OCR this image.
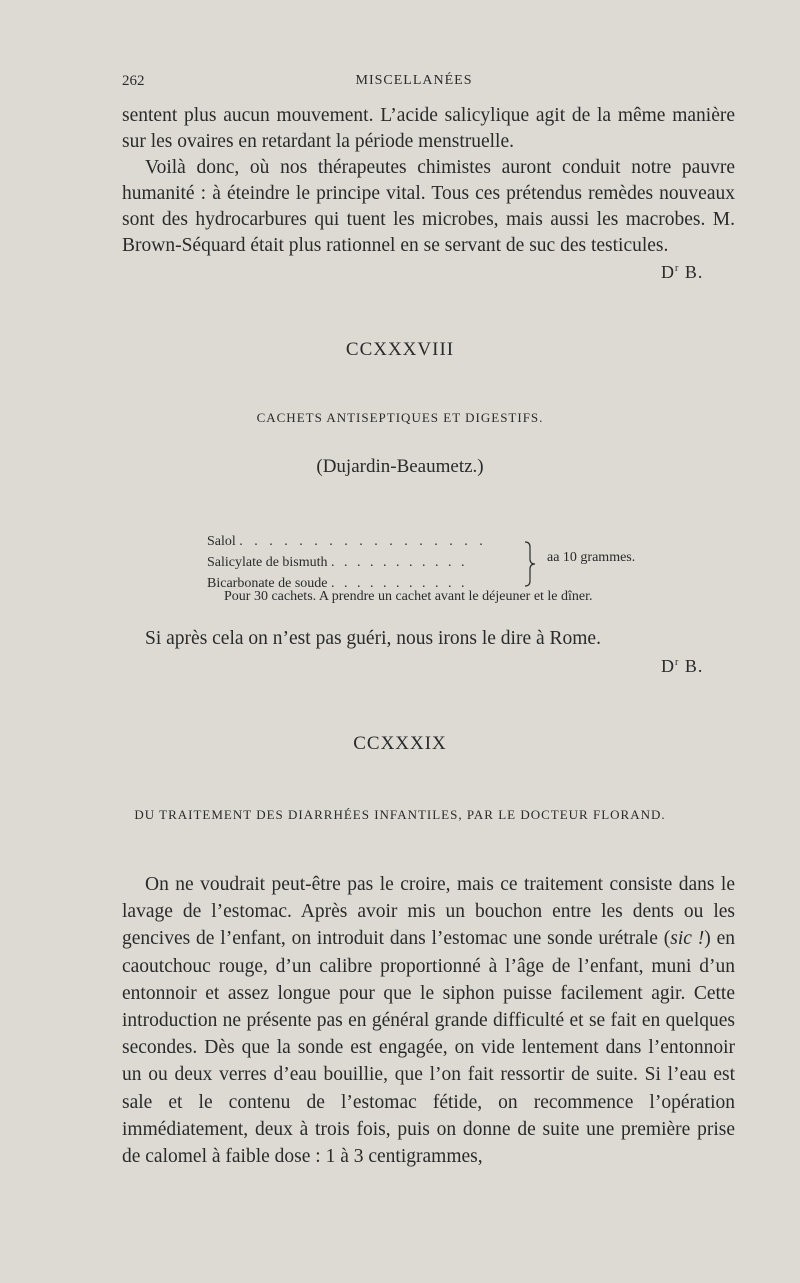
262	MISCELLANÉES

sentent plus aucun mouvement. L’acide salicylique agit de la même manière sur les ovaires en retardant la période menstruelle.

Voilà donc, où nos thérapeutes chimistes auront conduit notre pauvre humanité : à éteindre le principe vital. Tous ces prétendus remèdes nouveaux sont des hydrocarbures qui tuent les microbes, mais aussi les macrobes. M. Brown-Séquard était plus rationnel en se servant de suc des testicules.

$D^r$ B.
CCXXXVIII
CACHETS ANTISEPTIQUES ET DIGESTIFS.
(Dujardin-Beaumetz.)
Salol . . . . . . . . . . . . . . . . .
Salicylate de bismuth . . . . . . . . . . .
Bicarbonate de soude . . . . . . . . . . .
aa 10 grammes.
Pour 30 cachets. A prendre un cachet avant le déjeuner et le dîner.
Si après cela on n’est pas guéri, nous irons le dire à Rome.
$D^r$ B.
CCXXXIX
DU TRAITEMENT DES DIARRHÉES INFANTILES, PAR LE DOCTEUR FLORAND.

On ne voudrait peut-être pas le croire, mais ce traitement consiste dans le lavage de l’estomac. Après avoir mis un bouchon entre les dents ou les gencives de l’enfant, on introduit dans l’estomac une sonde urétrale (sic !) en caoutchouc rouge, d’un calibre proportionné à l’âge de l’enfant, muni d’un entonnoir et assez longue pour que le siphon puisse facilement agir. Cette introduction ne présente pas en général grande difficulté et se fait en quelques secondes. Dès que la sonde est engagée, on vide lentement dans l’entonnoir un ou deux verres d’eau bouillie, que l’on fait ressortir de suite. Si l’eau est sale et le contenu de l’estomac fétide, on recommence l’opération immédiatement, deux à trois fois, puis on donne de suite une première prise de calomel à faible dose : 1 à 3 centigrammes,
